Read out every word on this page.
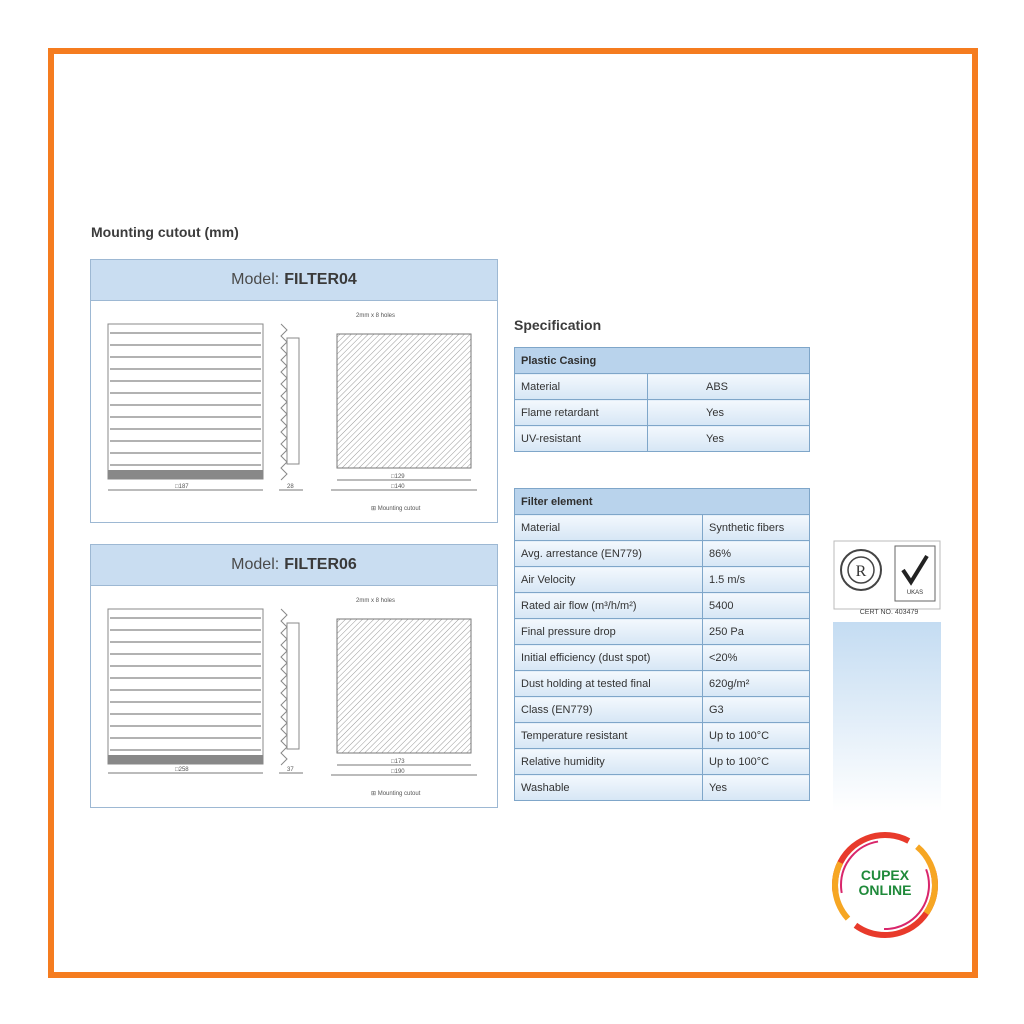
Mounting cutout (mm)
Model: FILTER04
2mm x 8 holes
□187	28
□129
□140
⊞ Mounting cutout
Model: FILTER06
2mm x 8 holes
□258	37
□173
□190
⊞ Mounting cutout
Specification
Plastic Casing	
Material	ABS
Flame retardant	Yes
UV-resistant	Yes
Filter element	
Material	Synthetic fibers
Avg. arrestance (EN779)	86%
Air Velocity	1.5 m/s
Rated air flow (m³/h/m²)	5400
Final pressure drop	250 Pa
Initial efficiency (dust spot)	<20%
Dust holding at tested final	620g/m²
Class (EN779)	G3
Temperature resistant	Up to 100°C
Relative humidity	Up to 100°C
Washable	Yes
R
UKAS
CERT NO. 403479
CUPEX
ONLINE
